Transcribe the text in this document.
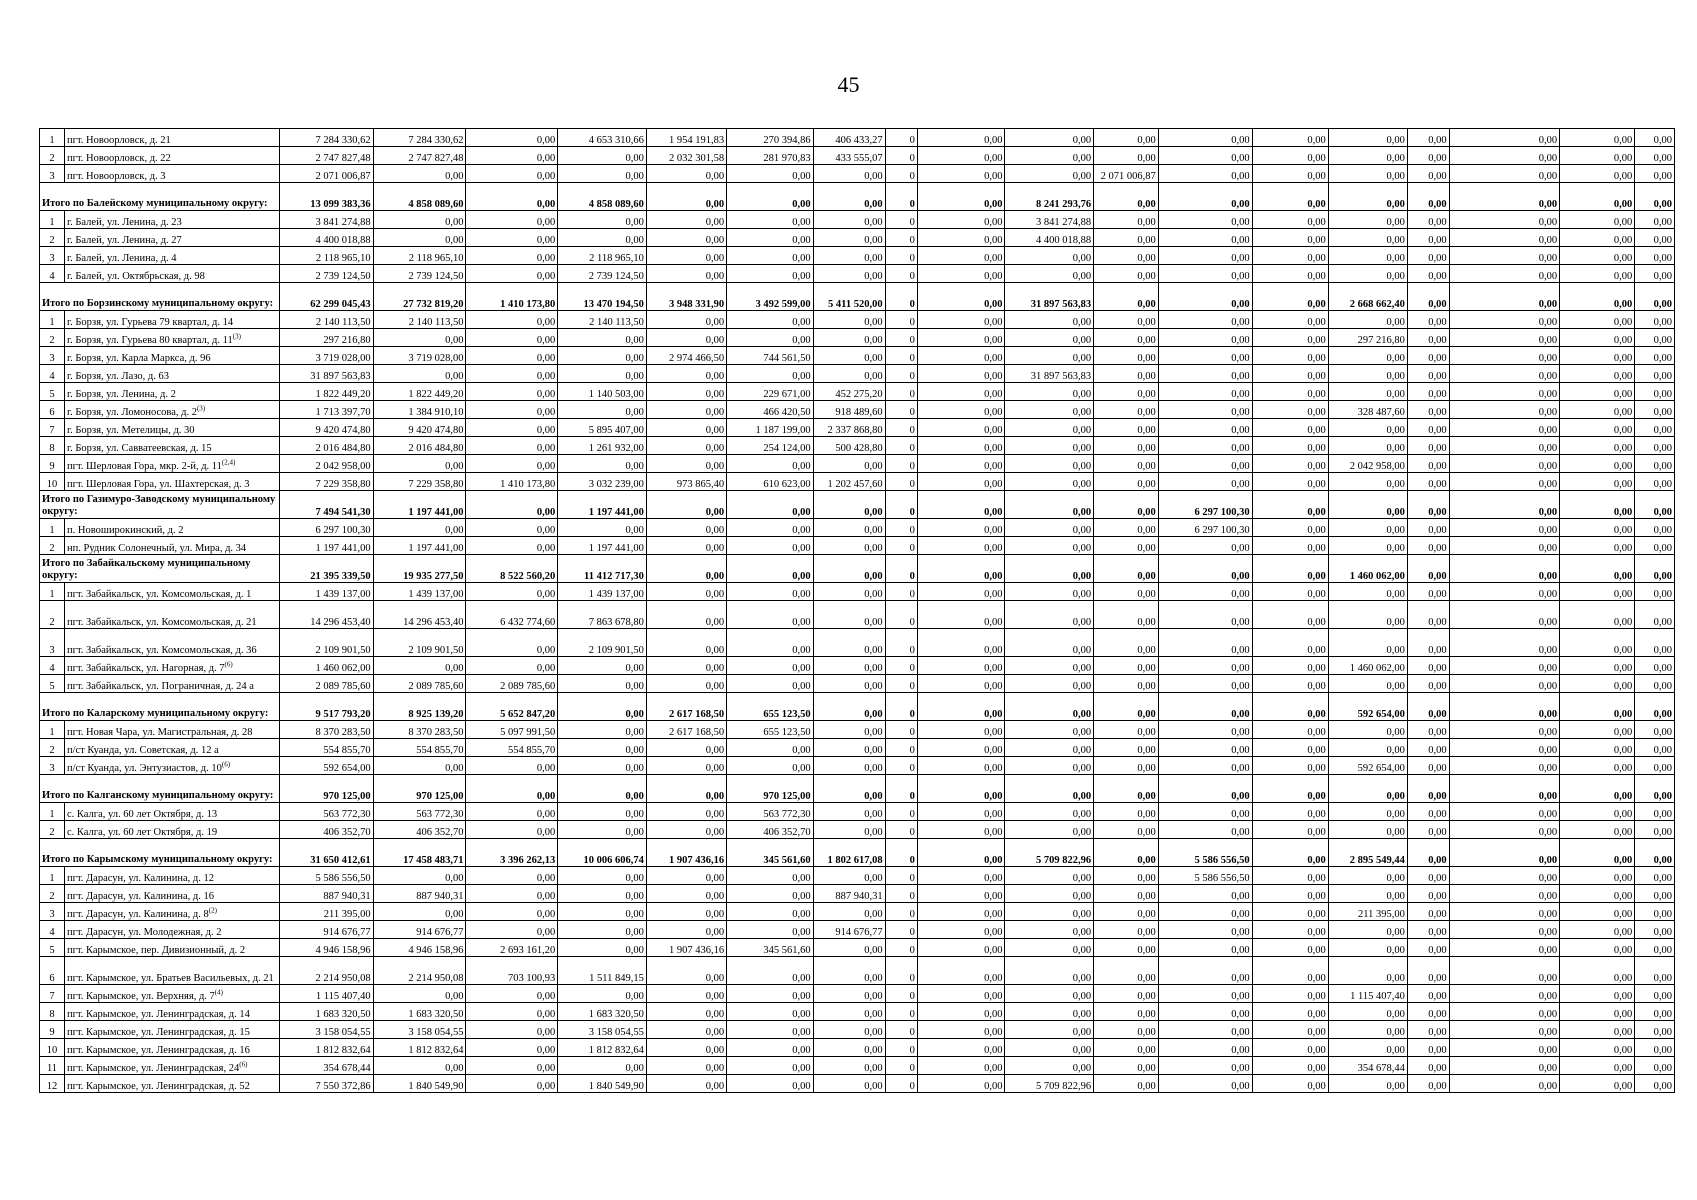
45
1	пгт. Новоорловск, д. 21	7 284 330,62	7 284 330,62	0,00	4 653 310,66	1 954 191,83	270 394,86	406 433,27	0	0,00	0,00	0,00	0,00	0,00	0,00	0,00	0,00	0,00	0,00
2	пгт. Новоорловск, д. 22	2 747 827,48	2 747 827,48	0,00	0,00	2 032 301,58	281 970,83	433 555,07	0	0,00	0,00	0,00	0,00	0,00	0,00	0,00	0,00	0,00	0,00
3	пгт. Новоорловск, д. 3	2 071 006,87	0,00	0,00	0,00	0,00	0,00	0,00	0	0,00	0,00	2 071 006,87	0,00	0,00	0,00	0,00	0,00	0,00	0,00
Итого по Балейскому муниципальному округу:		13 099 383,36	4 858 089,60	0,00	4 858 089,60	0,00	0,00	0,00	0	0,00	8 241 293,76	0,00	0,00	0,00	0,00	0,00	0,00	0,00	0,00
1	г. Балей, ул. Ленина, д. 23	3 841 274,88	0,00	0,00	0,00	0,00	0,00	0,00	0	0,00	3 841 274,88	0,00	0,00	0,00	0,00	0,00	0,00	0,00	0,00
2	г. Балей, ул. Ленина, д. 27	4 400 018,88	0,00	0,00	0,00	0,00	0,00	0,00	0	0,00	4 400 018,88	0,00	0,00	0,00	0,00	0,00	0,00	0,00	0,00
3	г. Балей, ул. Ленина, д. 4	2 118 965,10	2 118 965,10	0,00	2 118 965,10	0,00	0,00	0,00	0	0,00	0,00	0,00	0,00	0,00	0,00	0,00	0,00	0,00	0,00
4	г. Балей, ул. Октябрьская, д. 98	2 739 124,50	2 739 124,50	0,00	2 739 124,50	0,00	0,00	0,00	0	0,00	0,00	0,00	0,00	0,00	0,00	0,00	0,00	0,00	0,00
Итого по Борзинскому муниципальному округу:		62 299 045,43	27 732 819,20	1 410 173,80	13 470 194,50	3 948 331,90	3 492 599,00	5 411 520,00	0	0,00	31 897 563,83	0,00	0,00	0,00	2 668 662,40	0,00	0,00	0,00	0,00
1	г. Борзя, ул. Гурьева 79 квартал, д. 14	2 140 113,50	2 140 113,50	0,00	2 140 113,50	0,00	0,00	0,00	0	0,00	0,00	0,00	0,00	0,00	0,00	0,00	0,00	0,00	0,00
2	г. Борзя, ул. Гурьева 80 квартал, д. 11$^{(3)}$	297 216,80	0,00	0,00	0,00	0,00	0,00	0,00	0	0,00	0,00	0,00	0,00	0,00	297 216,80	0,00	0,00	0,00	0,00
3	г. Борзя, ул. Карла Маркса, д. 96	3 719 028,00	3 719 028,00	0,00	0,00	2 974 466,50	744 561,50	0,00	0	0,00	0,00	0,00	0,00	0,00	0,00	0,00	0,00	0,00	0,00
4	г. Борзя, ул. Лазо, д. 63	31 897 563,83	0,00	0,00	0,00	0,00	0,00	0,00	0	0,00	31 897 563,83	0,00	0,00	0,00	0,00	0,00	0,00	0,00	0,00
5	г. Борзя, ул. Ленина, д. 2	1 822 449,20	1 822 449,20	0,00	1 140 503,00	0,00	229 671,00	452 275,20	0	0,00	0,00	0,00	0,00	0,00	0,00	0,00	0,00	0,00	0,00
6	г. Борзя, ул. Ломоносова, д. 2$^{(3)}$	1 713 397,70	1 384 910,10	0,00	0,00	0,00	466 420,50	918 489,60	0	0,00	0,00	0,00	0,00	0,00	328 487,60	0,00	0,00	0,00	0,00
7	г. Борзя, ул. Метелицы, д. 30	9 420 474,80	9 420 474,80	0,00	5 895 407,00	0,00	1 187 199,00	2 337 868,80	0	0,00	0,00	0,00	0,00	0,00	0,00	0,00	0,00	0,00	0,00
8	г. Борзя, ул. Савватеевская, д. 15	2 016 484,80	2 016 484,80	0,00	1 261 932,00	0,00	254 124,00	500 428,80	0	0,00	0,00	0,00	0,00	0,00	0,00	0,00	0,00	0,00	0,00
9	пгт. Шерловая Гора, мкр. 2-й, д. 11$^{(2,4)}$	2 042 958,00	0,00	0,00	0,00	0,00	0,00	0,00	0	0,00	0,00	0,00	0,00	0,00	2 042 958,00	0,00	0,00	0,00	0,00
10	пгт. Шерловая Гора, ул. Шахтерская, д. 3	7 229 358,80	7 229 358,80	1 410 173,80	3 032 239,00	973 865,40	610 623,00	1 202 457,60	0	0,00	0,00	0,00	0,00	0,00	0,00	0,00	0,00	0,00	0,00
Итого по Газимуро-Заводскому муниципальному округу:		7 494 541,30	1 197 441,00	0,00	1 197 441,00	0,00	0,00	0,00	0	0,00	0,00	0,00	6 297 100,30	0,00	0,00	0,00	0,00	0,00	0,00
1	п. Новоширокинский, д. 2	6 297 100,30	0,00	0,00	0,00	0,00	0,00	0,00	0	0,00	0,00	0,00	6 297 100,30	0,00	0,00	0,00	0,00	0,00	0,00
2	нп. Рудник Солонечный, ул. Мира, д. 34	1 197 441,00	1 197 441,00	0,00	1 197 441,00	0,00	0,00	0,00	0	0,00	0,00	0,00	0,00	0,00	0,00	0,00	0,00	0,00	0,00
Итого по Забайкальскому муниципальному округу:		21 395 339,50	19 935 277,50	8 522 560,20	11 412 717,30	0,00	0,00	0,00	0	0,00	0,00	0,00	0,00	0,00	1 460 062,00	0,00	0,00	0,00	0,00
1	пгт. Забайкальск, ул. Комсомольская, д. 1	1 439 137,00	1 439 137,00	0,00	1 439 137,00	0,00	0,00	0,00	0	0,00	0,00	0,00	0,00	0,00	0,00	0,00	0,00	0,00	0,00
2	пгт. Забайкальск, ул. Комсомольская, д. 21	14 296 453,40	14 296 453,40	6 432 774,60	7 863 678,80	0,00	0,00	0,00	0	0,00	0,00	0,00	0,00	0,00	0,00	0,00	0,00	0,00	0,00
3	пгт. Забайкальск, ул. Комсомольская, д. 36	2 109 901,50	2 109 901,50	0,00	2 109 901,50	0,00	0,00	0,00	0	0,00	0,00	0,00	0,00	0,00	0,00	0,00	0,00	0,00	0,00
4	пгт. Забайкальск, ул. Нагорная, д. 7$^{(6)}$	1 460 062,00	0,00	0,00	0,00	0,00	0,00	0,00	0	0,00	0,00	0,00	0,00	0,00	1 460 062,00	0,00	0,00	0,00	0,00
5	пгт. Забайкальск, ул. Пограничная, д. 24 а	2 089 785,60	2 089 785,60	2 089 785,60	0,00	0,00	0,00	0,00	0	0,00	0,00	0,00	0,00	0,00	0,00	0,00	0,00	0,00	0,00
Итого по Каларскому муниципальному округу:		9 517 793,20	8 925 139,20	5 652 847,20	0,00	2 617 168,50	655 123,50	0,00	0	0,00	0,00	0,00	0,00	0,00	592 654,00	0,00	0,00	0,00	0,00
1	пгт. Новая Чара, ул. Магистральная, д. 28	8 370 283,50	8 370 283,50	5 097 991,50	0,00	2 617 168,50	655 123,50	0,00	0	0,00	0,00	0,00	0,00	0,00	0,00	0,00	0,00	0,00	0,00
2	п/ст Куанда, ул. Советская, д. 12 а	554 855,70	554 855,70	554 855,70	0,00	0,00	0,00	0,00	0	0,00	0,00	0,00	0,00	0,00	0,00	0,00	0,00	0,00	0,00
3	п/ст Куанда, ул. Энтузиастов, д. 10$^{(6)}$	592 654,00	0,00	0,00	0,00	0,00	0,00	0,00	0	0,00	0,00	0,00	0,00	0,00	592 654,00	0,00	0,00	0,00	0,00
Итого по Калганскому муниципальному округу:		970 125,00	970 125,00	0,00	0,00	0,00	970 125,00	0,00	0	0,00	0,00	0,00	0,00	0,00	0,00	0,00	0,00	0,00	0,00
1	с. Калга, ул. 60 лет Октября, д. 13	563 772,30	563 772,30	0,00	0,00	0,00	563 772,30	0,00	0	0,00	0,00	0,00	0,00	0,00	0,00	0,00	0,00	0,00	0,00
2	с. Калга, ул. 60 лет Октября, д. 19	406 352,70	406 352,70	0,00	0,00	0,00	406 352,70	0,00	0	0,00	0,00	0,00	0,00	0,00	0,00	0,00	0,00	0,00	0,00
Итого по Карымскому муниципальному округу:		31 650 412,61	17 458 483,71	3 396 262,13	10 006 606,74	1 907 436,16	345 561,60	1 802 617,08	0	0,00	5 709 822,96	0,00	5 586 556,50	0,00	2 895 549,44	0,00	0,00	0,00	0,00
1	пгт. Дарасун, ул. Калинина, д. 12	5 586 556,50	0,00	0,00	0,00	0,00	0,00	0,00	0	0,00	0,00	0,00	5 586 556,50	0,00	0,00	0,00	0,00	0,00	0,00
2	пгт. Дарасун, ул. Калинина, д. 16	887 940,31	887 940,31	0,00	0,00	0,00	0,00	887 940,31	0	0,00	0,00	0,00	0,00	0,00	0,00	0,00	0,00	0,00	0,00
3	пгт. Дарасун, ул. Калинина, д. 8$^{(2)}$	211 395,00	0,00	0,00	0,00	0,00	0,00	0,00	0	0,00	0,00	0,00	0,00	0,00	211 395,00	0,00	0,00	0,00	0,00
4	пгт. Дарасун, ул. Молодежная, д. 2	914 676,77	914 676,77	0,00	0,00	0,00	0,00	914 676,77	0	0,00	0,00	0,00	0,00	0,00	0,00	0,00	0,00	0,00	0,00
5	пгт. Карымское, пер. Дивизионный, д. 2	4 946 158,96	4 946 158,96	2 693 161,20	0,00	1 907 436,16	345 561,60	0,00	0	0,00	0,00	0,00	0,00	0,00	0,00	0,00	0,00	0,00	0,00
6	пгт. Карымское, ул. Братьев Васильевых, д. 21	2 214 950,08	2 214 950,08	703 100,93	1 511 849,15	0,00	0,00	0,00	0	0,00	0,00	0,00	0,00	0,00	0,00	0,00	0,00	0,00	0,00
7	пгт. Карымское, ул. Верхняя, д. 7$^{(4)}$	1 115 407,40	0,00	0,00	0,00	0,00	0,00	0,00	0	0,00	0,00	0,00	0,00	0,00	1 115 407,40	0,00	0,00	0,00	0,00
8	пгт. Карымское, ул. Ленинградская, д. 14	1 683 320,50	1 683 320,50	0,00	1 683 320,50	0,00	0,00	0,00	0	0,00	0,00	0,00	0,00	0,00	0,00	0,00	0,00	0,00	0,00
9	пгт. Карымское, ул. Ленинградская, д. 15	3 158 054,55	3 158 054,55	0,00	3 158 054,55	0,00	0,00	0,00	0	0,00	0,00	0,00	0,00	0,00	0,00	0,00	0,00	0,00	0,00
10	пгт. Карымское, ул. Ленинградская, д. 16	1 812 832,64	1 812 832,64	0,00	1 812 832,64	0,00	0,00	0,00	0	0,00	0,00	0,00	0,00	0,00	0,00	0,00	0,00	0,00	0,00
11	пгт. Карымское, ул. Ленинградская, 24$^{(6)}$	354 678,44	0,00	0,00	0,00	0,00	0,00	0,00	0	0,00	0,00	0,00	0,00	0,00	354 678,44	0,00	0,00	0,00	0,00
12	пгт. Карымское, ул. Ленинградская, д. 52	7 550 372,86	1 840 549,90	0,00	1 840 549,90	0,00	0,00	0,00	0	0,00	5 709 822,96	0,00	0,00	0,00	0,00	0,00	0,00	0,00	0,00
